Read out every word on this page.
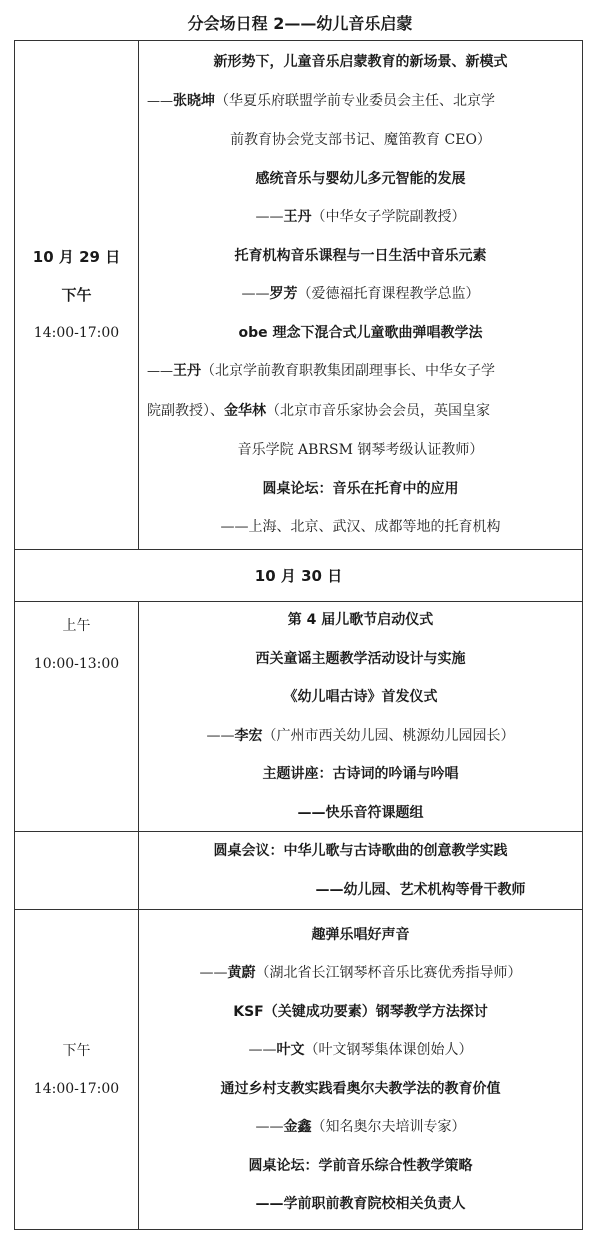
分会场日程 2——幼儿音乐启蒙
10 月 29 日
下午
14:00-17:00
新形势下，儿童音乐启蒙教育的新场景、新模式
——张晓坤（华夏乐府联盟学前专业委员会主任、北京学
前教育协会党支部书记、魔笛教育 CEO）
感统音乐与婴幼儿多元智能的发展
——王丹（中华女子学院副教授）
托育机构音乐课程与一日生活中音乐元素
——罗芳（爱德福托育课程教学总监）
obe 理念下混合式儿童歌曲弹唱教学法
——王丹（北京学前教育职教集团副理事长、中华女子学
院副教授）、金华林（北京市音乐家协会会员，英国皇家
音乐学院 ABRSM 钢琴考级认证教师）
圆桌论坛：音乐在托育中的应用
——上海、北京、武汉、成都等地的托育机构
10 月 30 日
上午
10:00-13:00
第 4 届儿歌节启动仪式
西关童谣主题教学活动设计与实施
《幼儿唱古诗》首发仪式
——李宏（广州市西关幼儿园、桃源幼儿园园长）
主题讲座：古诗词的吟诵与吟唱
——快乐音符课题组
圆桌会议：中华儿歌与古诗歌曲的创意教学实践
——幼儿园、艺术机构等骨干教师
下午
14:00-17:00
趣弹乐唱好声音
——黄蔚（湖北省长江钢琴杯音乐比赛优秀指导师）
KSF（关键成功要素）钢琴教学方法探讨
——叶文（叶文钢琴集体课创始人）
通过乡村支教实践看奥尔夫教学法的教育价值
——金鑫（知名奥尔夫培训专家）
圆桌论坛：学前音乐综合性教学策略
——学前职前教育院校相关负责人
